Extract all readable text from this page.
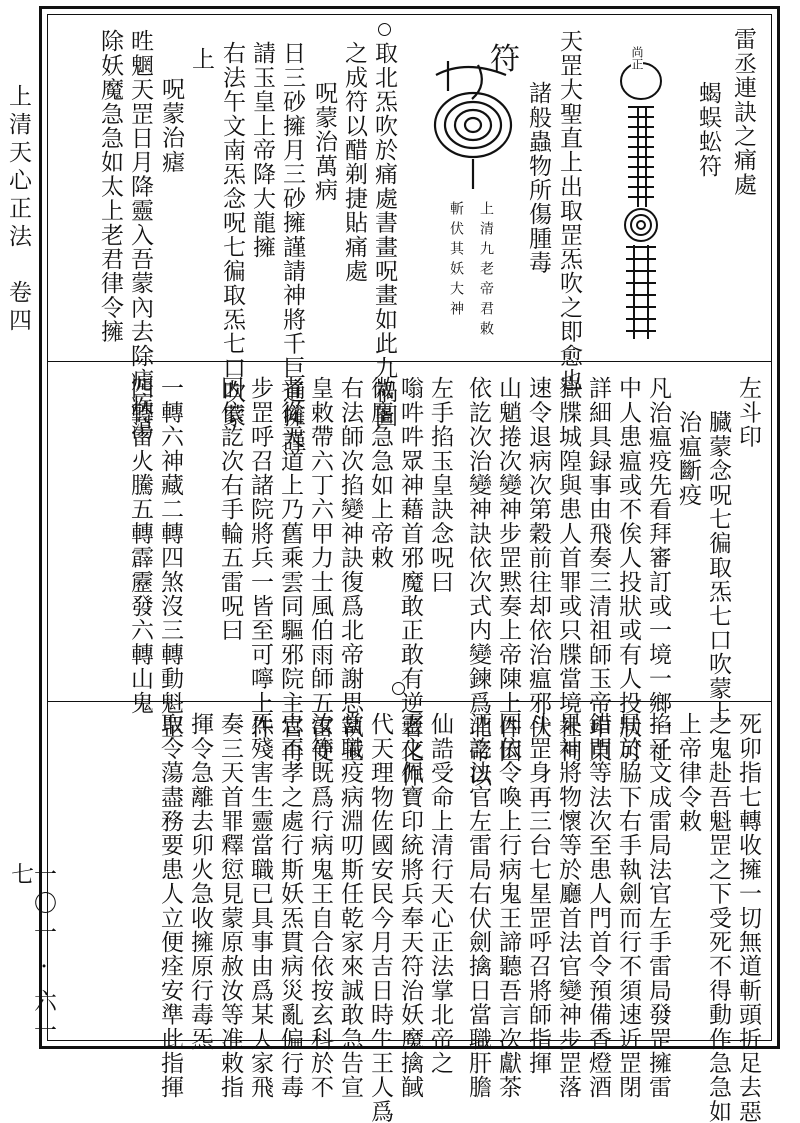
上清天心正法　卷四
一〇一 · 六一七
雷丞連訣之痛處
蝎蜈蚣符
尚正
天罡大聖直上出取罡炁吹之即愈也
諸般蟲物所傷腫毒
符
上清九老帝君敕
斬伏其妖大神
取北炁吹於痛處書畫呪畫如此九禍圖
之成符以醋剃捷貼痛處
呪蒙治萬病
日三砂擁月三砂擁謹請神將千巨通擁謹
請玉皇上帝降大龍擁
右法午文南炁念呪七徧取炁七口吹蒙
上
呪蒙治瘧
甠魍天罡日月降靈入吾蒙內去除瘧疾蕩
除妖魔急急如太上老君律令擁
左斗印
臓蒙念呪七徧取炁七口吹蒙上
治瘟斷疫
凡治瘟疫先看拜審訂或一境一鄉一社
中人患瘟或不俟人投狀或有人投狀可
詳細具録事由飛奏三清祖師玉帝申東
嶽牒城隍與患人首罪或只牒當境社祠
速令退病次第穀前往却依治瘟邪伏
山魈捲次變神步罡黙奏上帝陳上件因
依訖次治變神訣依次式内變鍊爲北帝以
左手掐玉皇訣念呪曰
嗡吽吽眾神藉首邪魔敢正敢有逆者化作
微塵急急如上帝敕
右法師次掐變神訣復爲北帝謝思執玉
皇敕帶六丁六甲力士風伯雨師五雷使
者從天道上乃舊乘雲同驅邪院主官再
步罡呼召諸院將兵一皆至可嚀上件
因依訖次右手輪五雷呪曰
一轉六神藏二轉四煞沒三轉動魁罡
四轉雷火騰五轉霹靂發六轉山鬼
死卯指七轉收擁一切無道斬頭折足去惡
之鬼赴吾魁罡之下受死不得動作急急如
上帝律令敕
掐子文成雷局法官左手雷局發罡擁雷
局於脇下右手執劍而行不須速近罡閉
錯門等法次至患人門首令預備香燈酒
果神將物懷等於廳首法官變神步罡落
斗罡身再三台七星罡呼召將師指揮
因依令喚上行病鬼王諦聽吾言次獻茶
酒訖法官左雷局右伏劍擒日當職肝膽
仙誥受命上清行天心正法掌北帝之
靈文佩寶印統將兵奉天符治妖魔擒馘
代天理物佐國安民今月吉日時生王人爲
當職疫病淵叨斯任乾家來誠敢急告宣
汝等既爲行病鬼王自合依按玄科於不
忠不孝之處行斯妖炁貫病災亂偏行毒
炁殘害生靈當職已具事由爲某人家飛
奏三天首罪釋愆見蒙原赦汝等准敕指
揮令急離去卯火急收擁原行毒炁
取令蕩盡務要患人立便痊安準此指揮
